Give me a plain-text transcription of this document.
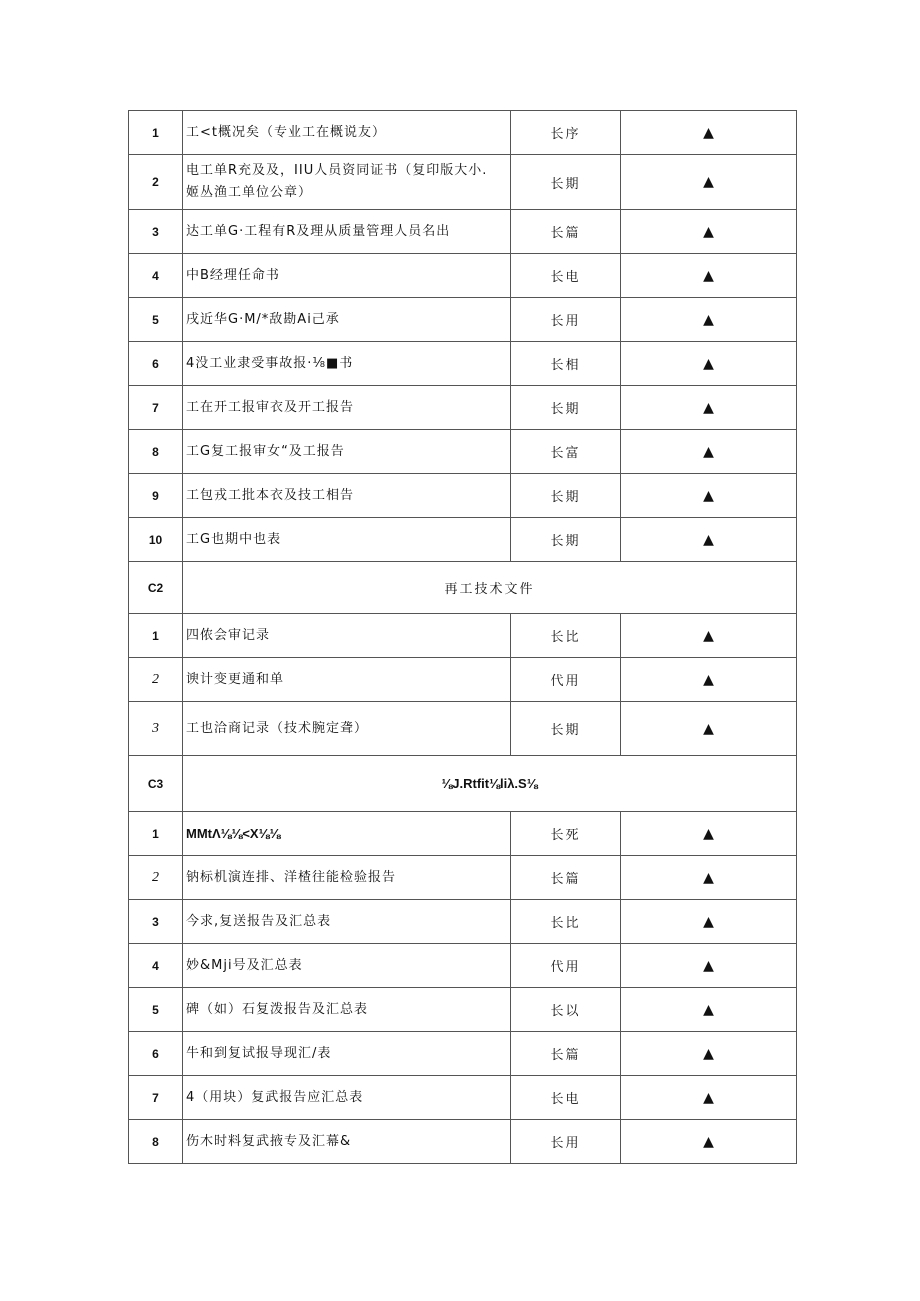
1	工<t概况矣（专业工在概说友）	长序	▲
2	电工单R充及及，IIU人员资同证书（复印版大小.
姬丛渔工单位公章）	长期	▲
3	达工单G·工程有R及理从质量管理人员名出	长篇	▲
4	中B经理任命书	长电	▲
5	戌近华G·M/*敌勘Ai己承	长用	▲
6	4没工业隶受事故报·⅛■书	长相	▲
7	工在开工报审衣及开工报告	长期	▲
8	工G复工报审女“及工报告	长富	▲
9	工包戎工批本衣及技工相告	长期	▲
10	工G也期中也表	长期	▲
C2	再工技术文件		
1	四侬会审记录	长比	▲
2	谀计变更通和单	代用	▲
3	工也洽商记录（技术腕定聋）	长期	▲
C3	⅛J.Rtfit⅛liλ.S⅛		
1	MMtΛ⅛⅛<X⅛⅛	长死	▲
2	钠标机演连排、洋楂往能检验报告	长篇	▲
3	今求,复送报告及汇总表	长比	▲
4	妙&Mji号及汇总表	代用	▲
5	碑（如）石复泼报告及汇总表	长以	▲
6	牛和到复试报导现汇/表	长篇	▲
7	4（用块）复武报告应汇总表	长电	▲
8	伤木时料复武掖专及汇幕&	长用	▲
